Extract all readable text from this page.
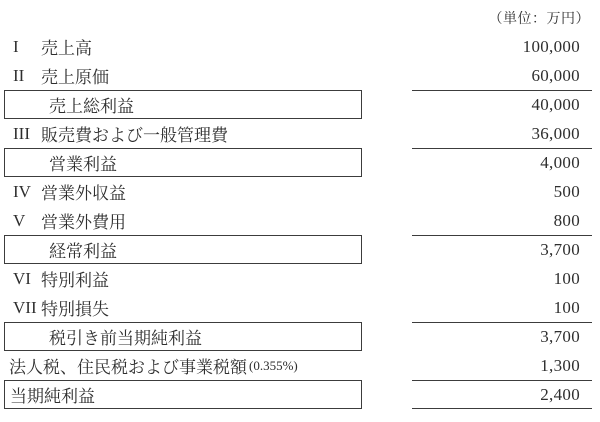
（単位：万円）
I	売上高	100,000
II 売上原価	60,000
売上総利益	40,000
III 販売費および一般管理費	36,000
営業利益	4,000
IV 営業外収益	500
V 営業外費用	800
経常利益	3,700
VI 特別利益	100
VII 特別損失	100
税引き前当期純利益	3,700
法人税、住民税および事業税額 (0.355%)	1,300
当期純利益	2,400
